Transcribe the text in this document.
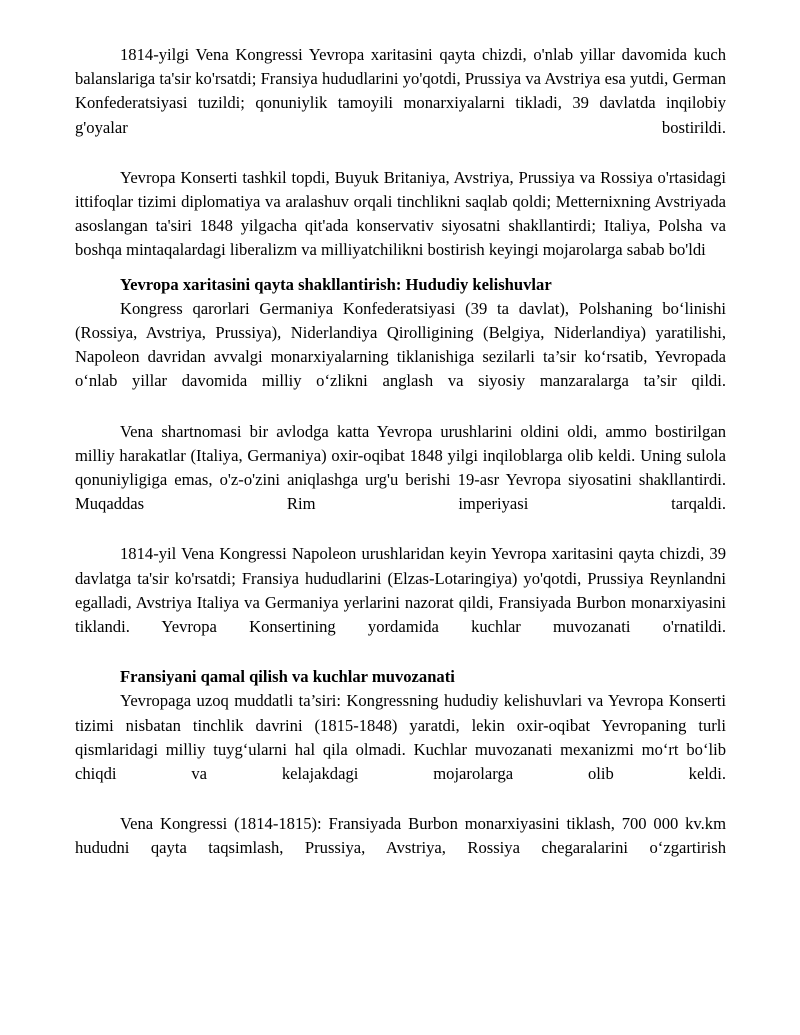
1814-yilgi Vena Kongressi Yevropa xaritasini qayta chizdi, o'nlab yillar davomida kuch balanslariga ta'sir ko'rsatdi; Fransiya hududlarini yo'qotdi, Prussiya va Avstriya esa yutdi, German Konfederatsiyasi tuzildi; qonuniylik tamoyili monarxiyalarni tikladi, 39 davlatda inqilobiy g'oyalar bostirildi.

Yevropa Konserti tashkil topdi, Buyuk Britaniya, Avstriya, Prussiya va Rossiya o'rtasidagi ittifoqlar tizimi diplomatiya va aralashuv orqali tinchlikni saqlab qoldi; Metternixning Avstriyada asoslangan ta'siri 1848 yilgacha qit'ada konservativ siyosatni shakllantirdi; Italiya, Polsha va boshqa mintaqalardagi liberalizm va milliyatchilikni bostirish keyingi mojarolarga sabab bo'ldi

Yevropa xaritasini qayta shakllantirish: Hududiy kelishuvlar

Kongress qarorlari Germaniya Konfederatsiyasi (39 ta davlat), Polshaning bo‘linishi (Rossiya, Avstriya, Prussiya), Niderlandiya Qirolligining (Belgiya, Niderlandiya) yaratilishi, Napoleon davridan avvalgi monarxiyalarning tiklanishiga sezilarli ta’sir ko‘rsatib, Yevropada o‘nlab yillar davomida milliy o‘zlikni anglash va siyosiy manzaralarga ta’sir qildi.

Vena shartnomasi bir avlodga katta Yevropa urushlarini oldini oldi, ammo bostirilgan milliy harakatlar (Italiya, Germaniya) oxir-oqibat 1848 yilgi inqiloblarga olib keldi. Uning sulola qonuniyligiga emas, o'z-o'zini aniqlashga urg'u berishi 19-asr Yevropa siyosatini shakllantirdi. Muqaddas Rim imperiyasi tarqaldi.

1814-yil Vena Kongressi Napoleon urushlaridan keyin Yevropa xaritasini qayta chizdi, 39 davlatga ta'sir ko'rsatdi; Fransiya hududlarini (Elzas-Lotaringiya) yo'qotdi, Prussiya Reynlandni egalladi, Avstriya Italiya va Germaniya yerlarini nazorat qildi, Fransiyada Burbon monarxiyasini tiklandi. Yevropa Konsertining yordamida kuchlar muvozanati o'rnatildi.

Fransiyani qamal qilish va kuchlar muvozanati

Yevropaga uzoq muddatli ta’siri: Kongressning hududiy kelishuvlari va Yevropa Konserti tizimi nisbatan tinchlik davrini (1815-1848) yaratdi, lekin oxir-oqibat Yevropaning turli qismlaridagi milliy tuyg‘ularni hal qila olmadi. Kuchlar muvozanati mexanizmi mo‘rt bo‘lib chiqdi va kelajakdagi mojarolarga olib keldi.

Vena Kongressi (1814-1815): Fransiyada Burbon monarxiyasini tiklash, 700 000 kv.km hududni qayta taqsimlash, Prussiya, Avstriya, Rossiya chegaralarini o‘zgartirish
